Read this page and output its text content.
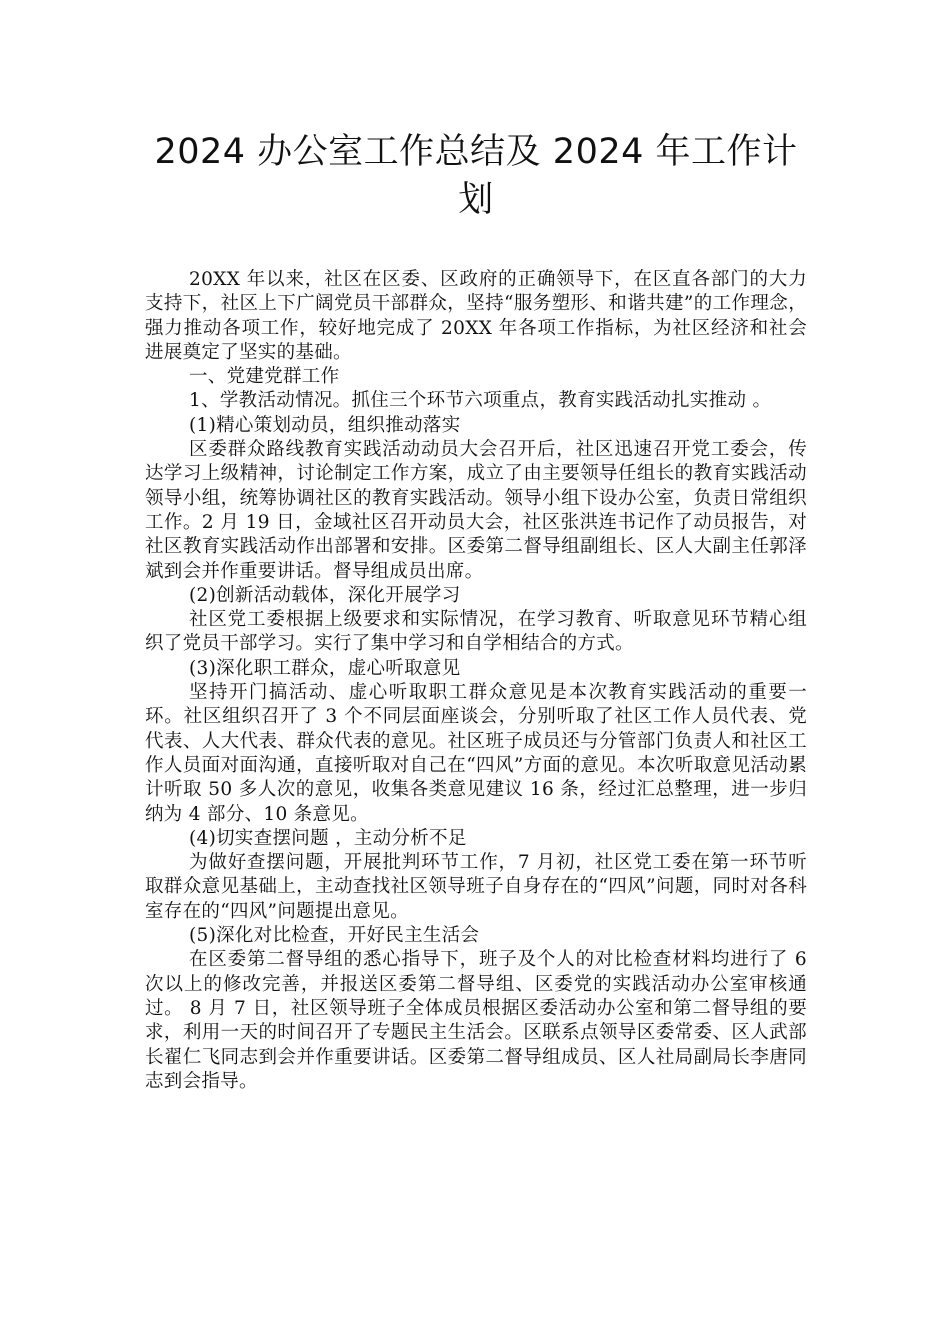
2024 办公室工作总结及 2024 年工作计
划

20XX 年以来，社区在区委、区政府的正确领导下，在区直各部门的大力支持下，社区上下广阔党员干部群众，坚持“服务塑形、和谐共建”的工作理念，强力推动各项工作，较好地完成了 20XX 年各项工作指标，为社区经济和社会进展奠定了坚实的基础。

一、党建党群工作

1、学教活动情况。抓住三个环节六项重点，教育实践活动扎实推动 。

(1)精心策划动员，组织推动落实

区委群众路线教育实践活动动员大会召开后，社区迅速召开党工委会，传达学习上级精神，讨论制定工作方案，成立了由主要领导任组长的教育实践活动领导小组，统筹协调社区的教育实践活动。领导小组下设办公室，负责日常组织工作。2 月 19 日，金域社区召开动员大会，社区张洪连书记作了动员报告，对社区教育实践活动作出部署和安排。区委第二督导组副组长、区人大副主任郭泽斌到会并作重要讲话。督导组成员出席。

(2)创新活动载体，深化开展学习

社区党工委根据上级要求和实际情况，在学习教育、听取意见环节精心组织了党员干部学习。实行了集中学习和自学相结合的方式。

(3)深化职工群众，虚心听取意见

坚持开门搞活动、虚心听取职工群众意见是本次教育实践活动的重要一环。社区组织召开了 3 个不同层面座谈会，分别听取了社区工作人员代表、党代表、人大代表、群众代表的意见。社区班子成员还与分管部门负责人和社区工作人员面对面沟通，直接听取对自己在“四风”方面的意见。本次听取意见活动累计听取 50 多人次的意见，收集各类意见建议 16 条，经过汇总整理，进一步归纳为 4 部分、10 条意见。

(4)切实查摆问题 ，主动分析不足

为做好查摆问题，开展批判环节工作，7 月初，社区党工委在第一环节听取群众意见基础上，主动查找社区领导班子自身存在的“四风”问题，同时对各科室存在的“四风”问题提出意见。

(5)深化对比检查，开好民主生活会

在区委第二督导组的悉心指导下，班子及个人的对比检查材料均进行了 6 次以上的修改完善，并报送区委第二督导组、区委党的实践活动办公室审核通过。 8 月 7 日，社区领导班子全体成员根据区委活动办公室和第二督导组的要求，利用一天的时间召开了专题民主生活会。区联系点领导区委常委、区人武部长翟仁飞同志到会并作重要讲话。区委第二督导组成员、区人社局副局长李唐同志到会指导。
